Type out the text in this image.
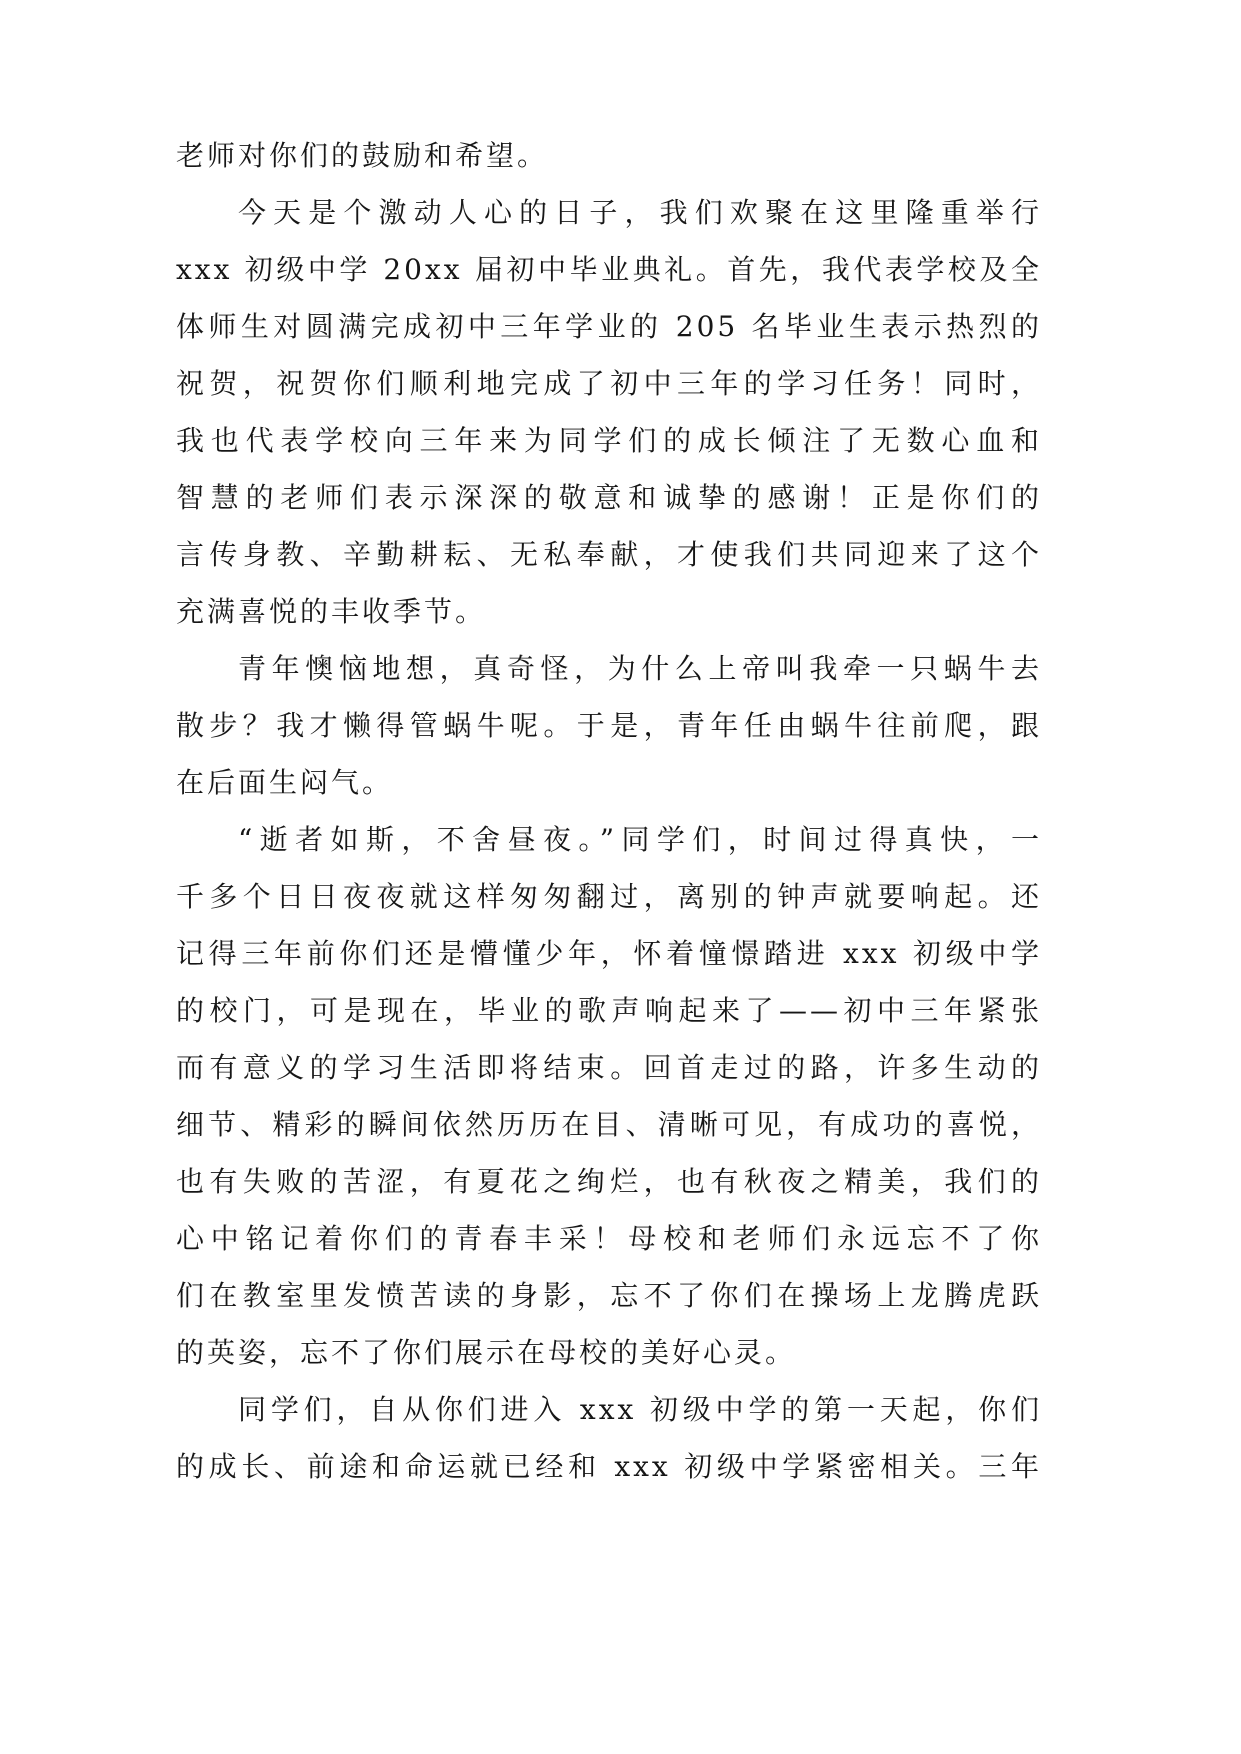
老师对你们的鼓励和希望。
今天是个激动人心的日子，我们欢聚在这里隆重举行
xxx 初级中学 20xx 届初中毕业典礼。首先，我代表学校及全
体师生对圆满完成初中三年学业的 205 名毕业生表示热烈的
祝贺，祝贺你们顺利地完成了初中三年的学习任务！同时，
我也代表学校向三年来为同学们的成长倾注了无数心血和
智慧的老师们表示深深的敬意和诚挚的感谢！正是你们的
言传身教、辛勤耕耘、无私奉献，才使我们共同迎来了这个
充满喜悦的丰收季节。
青年懊恼地想，真奇怪，为什么上帝叫我牵一只蜗牛去
散步？我才懒得管蜗牛呢。于是，青年任由蜗牛往前爬，跟
在后面生闷气。
“逝者如斯，不舍昼夜。”同学们，时间过得真快，一
千多个日日夜夜就这样匆匆翻过，离别的钟声就要响起。还
记得三年前你们还是懵懂少年，怀着憧憬踏进 xxx 初级中学
的校门，可是现在，毕业的歌声响起来了——初中三年紧张
而有意义的学习生活即将结束。回首走过的路，许多生动的
细节、精彩的瞬间依然历历在目、清晰可见，有成功的喜悦，
也有失败的苦涩，有夏花之绚烂，也有秋夜之精美，我们的
心中铭记着你们的青春丰采！母校和老师们永远忘不了你
们在教室里发愤苦读的身影，忘不了你们在操场上龙腾虎跃
的英姿，忘不了你们展示在母校的美好心灵。
同学们，自从你们进入 xxx 初级中学的第一天起，你们
的成长、前途和命运就已经和 xxx 初级中学紧密相关。三年
